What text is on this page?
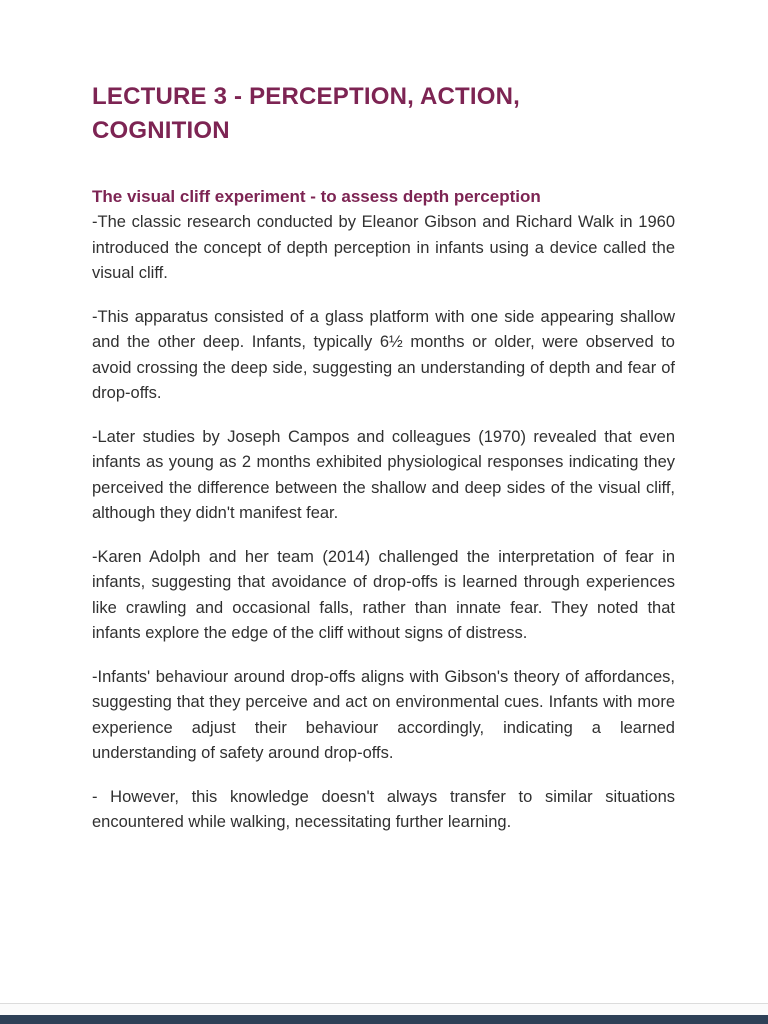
LECTURE 3 - PERCEPTION, ACTION, COGNITION
The visual cliff experiment - to assess depth perception

-The classic research conducted by Eleanor Gibson and Richard Walk in 1960 introduced the concept of depth perception in infants using a device called the visual cliff.

-This apparatus consisted of a glass platform with one side appearing shallow and the other deep. Infants, typically 6½ months or older, were observed to avoid crossing the deep side, suggesting an understanding of depth and fear of drop-offs.

-Later studies by Joseph Campos and colleagues (1970) revealed that even infants as young as 2 months exhibited physiological responses indicating they perceived the difference between the shallow and deep sides of the visual cliff, although they didn't manifest fear.

-Karen Adolph and her team (2014) challenged the interpretation of fear in infants, suggesting that avoidance of drop-offs is learned through experiences like crawling and occasional falls, rather than innate fear. They noted that infants explore the edge of the cliff without signs of distress.

-Infants' behaviour around drop-offs aligns with Gibson's theory of affordances, suggesting that they perceive and act on environmental cues. Infants with more experience adjust their behaviour accordingly, indicating a learned understanding of safety around drop-offs.

- However, this knowledge doesn't always transfer to similar situations encountered while walking, necessitating further learning.
